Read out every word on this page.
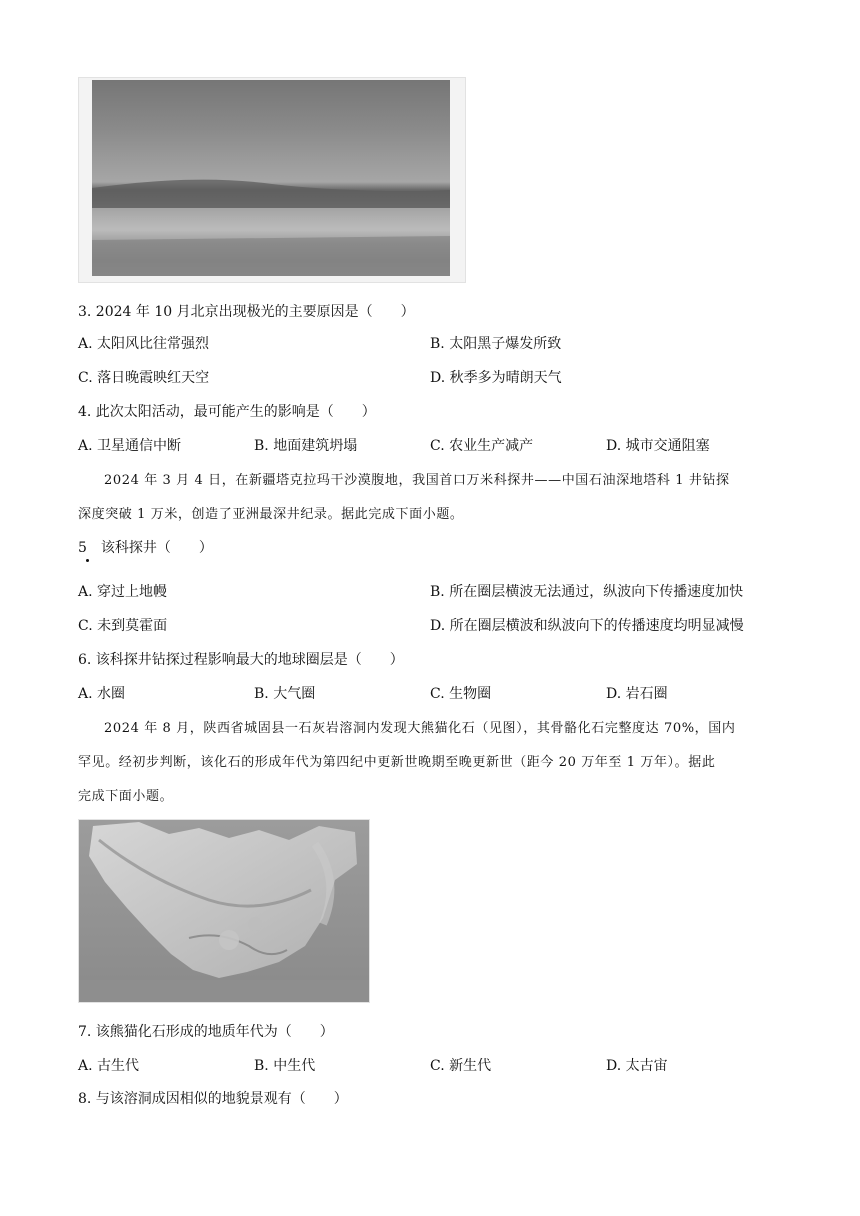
3. 2024 年 10 月北京出现极光的主要原因是（　　）
A. 太阳风比往常强烈	B. 太阳黑子爆发所致
C. 落日晚霞映红天空	D. 秋季多为晴朗天气
4. 此次太阳活动，最可能产生的影响是（　　）
A. 卫星通信中断	B. 地面建筑坍塌	C. 农业生产减产	D. 城市交通阻塞
2024 年 3 月 4 日，在新疆塔克拉玛干沙漠腹地，我国首口万米科探井——中国石油深地塔科 1 井钻探
深度突破 1 万米，创造了亚洲最深井纪录。据此完成下面小题。
5　该科探井（　　）
A. 穿过上地幔	B. 所在圈层横波无法通过，纵波向下传播速度加快
C. 未到莫霍面	D. 所在圈层横波和纵波向下的传播速度均明显减慢
6. 该科探井钻探过程影响最大的地球圈层是（　　）
A. 水圈	B. 大气圈	C. 生物圈	D. 岩石圈
2024 年 8 月，陕西省城固县一石灰岩溶洞内发现大熊猫化石（见图），其骨骼化石完整度达 70%，国内
罕见。经初步判断，该化石的形成年代为第四纪中更新世晚期至晚更新世（距今 20 万年至 1 万年）。据此
完成下面小题。
7. 该熊猫化石形成的地质年代为（　　）
A. 古生代	B. 中生代	C. 新生代	D. 太古宙
8. 与该溶洞成因相似的地貌景观有（　　）
